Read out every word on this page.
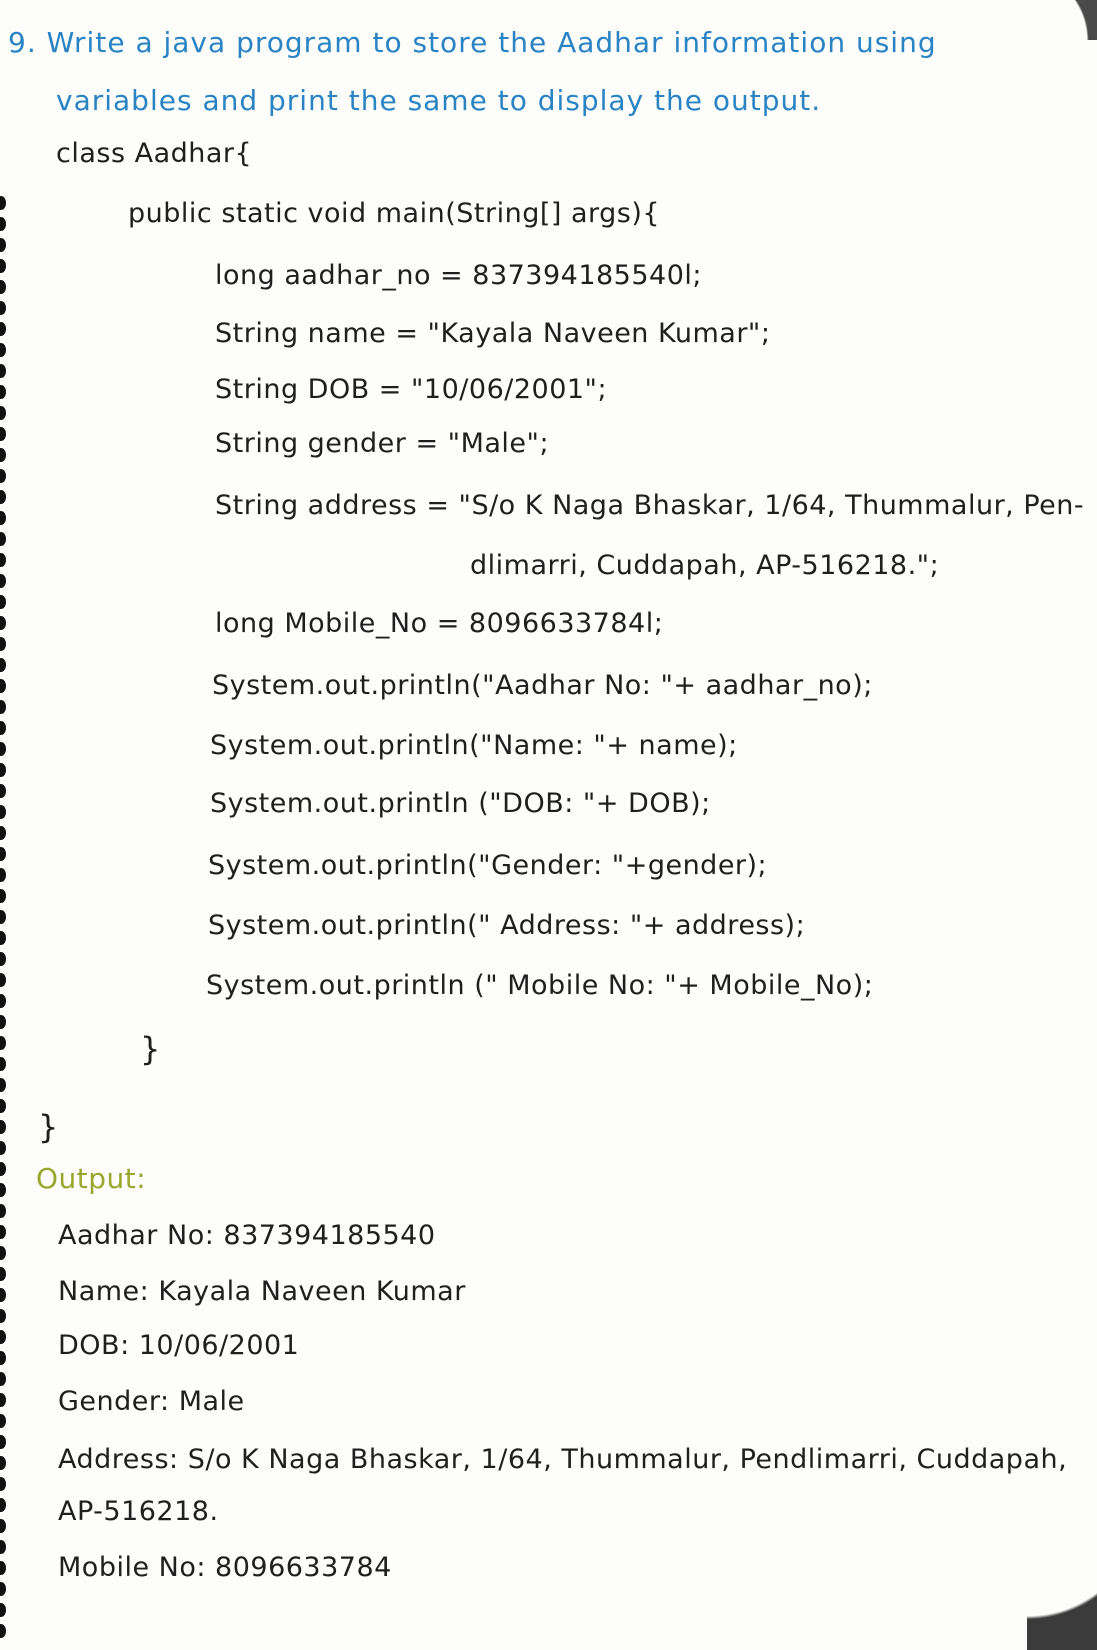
9. Write a java program to store the Aadhar information using
variables and print the same to display the output.
class Aadhar{
public static void main(String[] args){
long aadhar_no = 837394185540l;
String name = "Kayala Naveen Kumar";
String DOB = "10/06/2001";
String gender = "Male";
String address = "S/o K Naga Bhaskar, 1/64, Thummalur, Pen-
dlimarri, Cuddapah, AP-516218.";
long Mobile_No = 8096633784l;
System.out.println("Aadhar No: "+ aadhar_no);
System.out.println("Name: "+ name);
System.out.println ("DOB: "+ DOB);
System.out.println("Gender: "+gender);
System.out.println(" Address: "+ address);
System.out.println (" Mobile No: "+ Mobile_No);
}
}
Output:
Aadhar No: 837394185540
Name: Kayala Naveen Kumar
DOB: 10/06/2001
Gender: Male
Address: S/o K Naga Bhaskar, 1/64, Thummalur, Pendlimarri, Cuddapah,
AP-516218.
Mobile No: 8096633784
